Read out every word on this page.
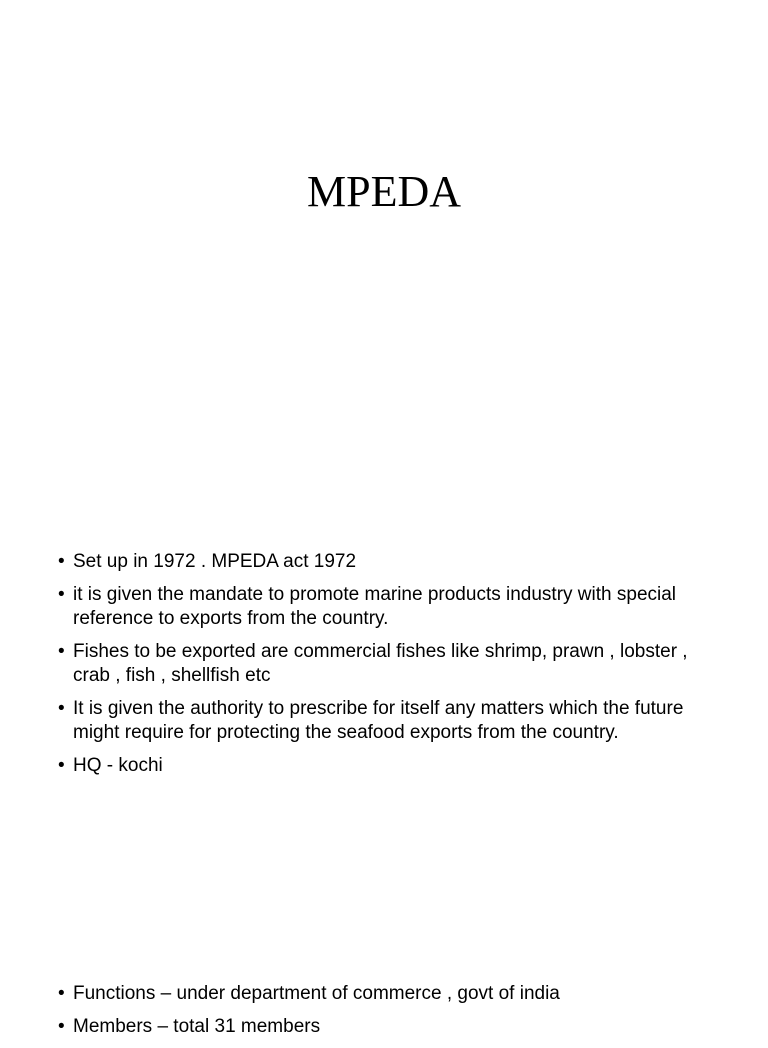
MPEDA
• Set up in 1972 . MPEDA act 1972
• it is given the mandate to promote marine products industry with special reference to exports from the country.
• Fishes to be exported are commercial fishes like shrimp, prawn , lobster , crab , fish , shellfish etc
• It is given the authority to prescribe for itself any matters which the future might require for protecting the seafood exports from the country.
• HQ - kochi
• Functions – under department of commerce , govt of india
• Members – total 31 members
